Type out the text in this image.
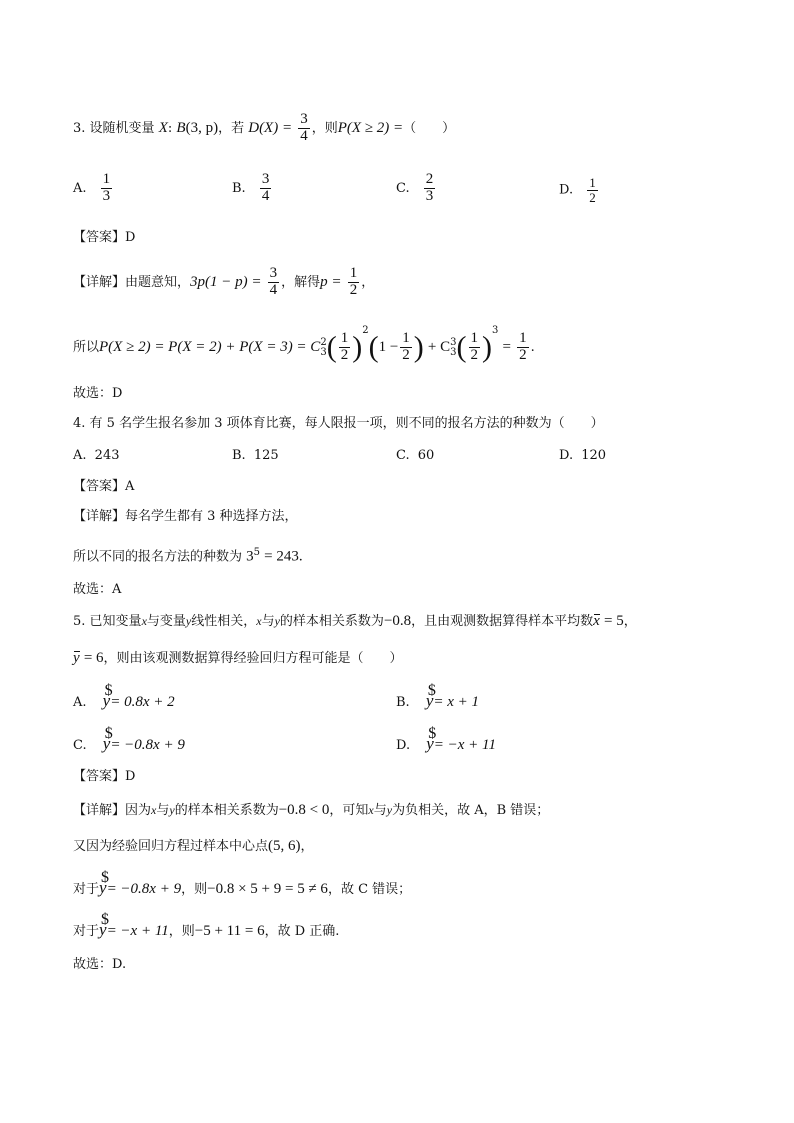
3. 设随机变量 X: B(3, p)，若 $D(X) = \frac{3}{4}$ ，则P(X ≥ 2) =（　　）
A. $\frac{1}{3}$	B. $\frac{3}{4}$	C. $\frac{2}{3}$	D. $\frac{1}{2}$
【答案】D
【详解】由题意知，$3p(1 - p) = \frac{3}{4}$ ，解得$p = \frac{1}{2}$ ，
所以P(X ≥ 2) = P(X = 2) + P(X = 3) = C 2
3 ( $\frac{1}{2} )^2(1 - \frac{1}{2}$ ) + C 3
3 ( $\frac{1}{2} )^3 = \frac{1}{2}$ .
故选：D
4. 有 5 名学生报名参加 3 项体育比赛，每人限报一项，则不同的报名方法的种数为（　　）
A. 243	B. 125	C. 60	D. 120
【答案】A
【详解】每名学生都有 3 种选择方法，
所以不同的报名方法的种数为 $3^5 = 243$.
故选：A
5. 已知变量x与变量y线性相关，x与y的样本相关系数为−0.8，且由观测数据算得样本平均数x = 5，
y = 6，则由该观测数据算得经验回归方程可能是（　　）
A. $ y= 0.8x + 2	B. $ y= x + 1
C. $ y= −0.8x + 9	D. $ y= −x + 11
【答案】D
【详解】因为x与y的样本相关系数为−0.8 < 0，可知x与y为负相关，故 A，B 错误；
又因为经验回归方程过样本中心点(5, 6)，
对于$ y= −0.8x + 9，则−0.8 × 5 + 9 = 5 ≠ 6，故 C 错误；
对于$ y= −x + 11，则−5 + 11 = 6，故 D 正确.
故选：D.
